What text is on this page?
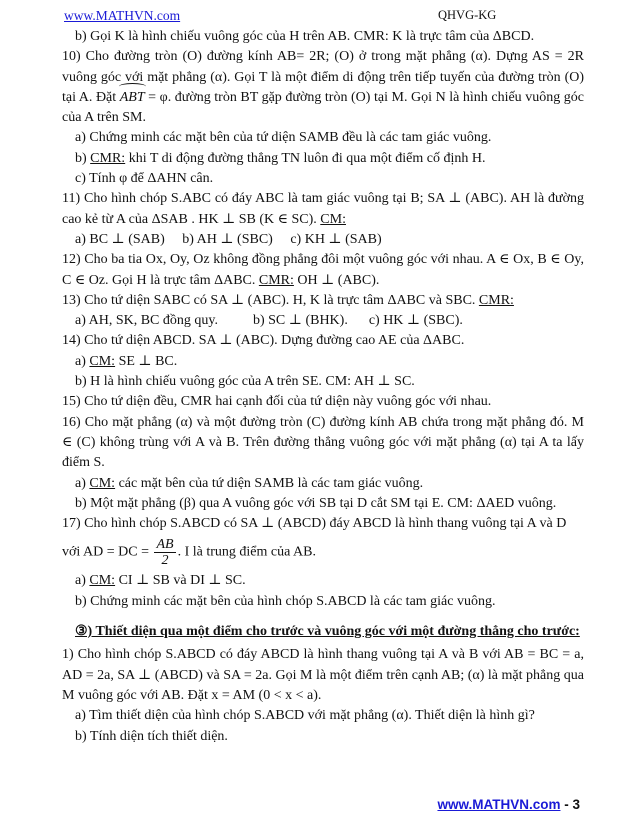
www.MATHVN.com	QHVG-KG

b) Gọi K là hình chiếu vuông góc của H trên AB. CMR: K là trực tâm của ΔBCD.

10) Cho đường tròn (O) đường kính AB= 2R; (O) ở trong mặt phẳng (α). Dựng AS = 2R vuông góc với mặt phẳng (α). Gọi T là một điểm di động trên tiếp tuyến của đường tròn (O) tại A. Đặt ABT = φ. đường tròn BT gặp đường tròn (O) tại M. Gọi N là hình chiếu vuông góc của A trên SM.

a) Chứng minh các mặt bên của tứ diện SAMB đều là các tam giác vuông.

b) CMR: khi T di động đường thẳng TN luôn đi qua một điểm cố định H.

c) Tính φ để ΔAHN cân.

11) Cho hình chóp S.ABC có đáy ABC là tam giác vuông tại B; SA ⊥ (ABC). AH là đường cao kẻ từ A của ΔSAB . HK ⊥ SB (K ∈ SC). CM:

a) BC ⊥ (SAB)     b) AH ⊥ (SBC)     c) KH ⊥ (SAB)

12) Cho ba tia Ox, Oy, Oz không đồng phẳng đôi một vuông góc với nhau. A ∈ Ox, B ∈ Oy, C ∈ Oz. Gọi H là trực tâm ΔABC. CMR: OH ⊥ (ABC).

13) Cho tứ diện SABC có SA ⊥ (ABC). H, K là trực tâm ΔABC và SBC. CMR:

a) AH, SK, BC đồng quy.          b) SC ⊥ (BHK).      c) HK ⊥ (SBC).

14) Cho tứ diện ABCD. SA ⊥ (ABC). Dựng đường cao AE của ΔABC.

a) CM: SE ⊥ BC.

b) H là hình chiếu vuông góc của A trên SE. CM: AH ⊥ SC.

15) Cho tứ diện đều, CMR hai cạnh đối của tứ diện này vuông góc với nhau.

16) Cho mặt phẳng (α) và một đường tròn (C) đường kính AB chứa trong mặt phẳng đó. M ∈ (C) không trùng với A và B. Trên đường thẳng vuông góc với mặt phẳng (α) tại A ta lấy điểm S.

a) CM: các mặt bên của tứ diện SAMB là các tam giác vuông.

b) Một mặt phẳng (β) qua A vuông góc với SB tại D cắt SM tại E. CM: ΔAED vuông.

17) Cho hình chóp S.ABCD có SA ⊥ (ABCD) đáy ABCD là hình thang vuông tại A và D

với AD = DC = $\frac{AB}{2}$ . I là trung điểm của AB.

a) CM: CI ⊥ SB và DI ⊥ SC.

b) Chứng minh các mặt bên của hình chóp S.ABCD là các tam giác vuông.

③) Thiết diện qua một điểm cho trước và vuông góc với một đường thẳng cho trước:

1) Cho hình chóp S.ABCD có đáy ABCD là hình thang vuông tại A và B với AB = BC = a, AD = 2a, SA ⊥ (ABCD) và SA = 2a. Gọi M là một điểm trên cạnh AB; (α) là mặt phẳng qua M vuông góc với AB. Đặt x = AM (0 < x < a).

a) Tìm thiết diện của hình chóp S.ABCD với mặt phẳng (α). Thiết diện là hình gì?

b) Tính diện tích thiết diện.

www.MATHVN.com - 3
